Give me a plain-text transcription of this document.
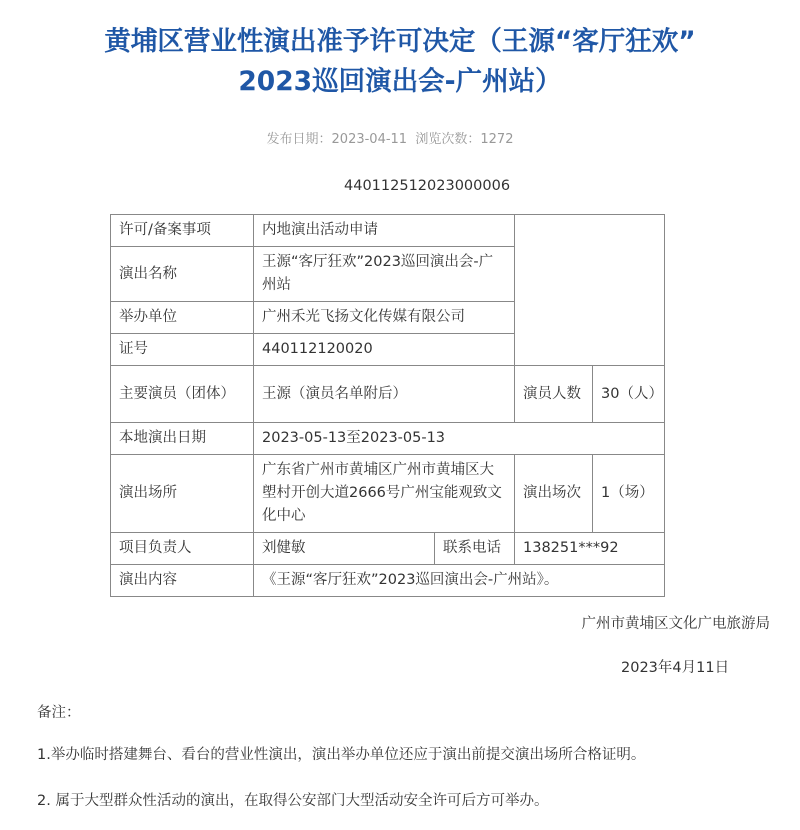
黄埔区营业性演出准予许可决定（王源“客厅狂欢”
2023巡回演出会-广州站）
发布日期：2023-04-11 浏览次数：1272
440112512023000006
许可/备案事项	内地演出活动申请			
演出名称	王源“客厅狂欢”2023巡回演出会-广州站			
举办单位	广州禾光飞扬文化传媒有限公司			
证号	440112120020			
主要演员（团体）	王源（演员名单附后）		演员人数	30（人）
本地演出日期	2023-05-13至2023-05-13			
演出场所	广东省广州市黄埔区广州市黄埔区大塱村开创大道2666号广州宝能观致文化中心		演出场次	1（场）
项目负责人	刘健敏	联系电话	138251***92	
演出内容	《王源“客厅狂欢”2023巡回演出会-广州站》。			
广州市黄埔区文化广电旅游局
2023年4月11日
备注：
1.举办临时搭建舞台、看台的营业性演出，演出举办单位还应于演出前提交演出场所合格证明。
2. 属于大型群众性活动的演出，在取得公安部门大型活动安全许可后方可举办。
